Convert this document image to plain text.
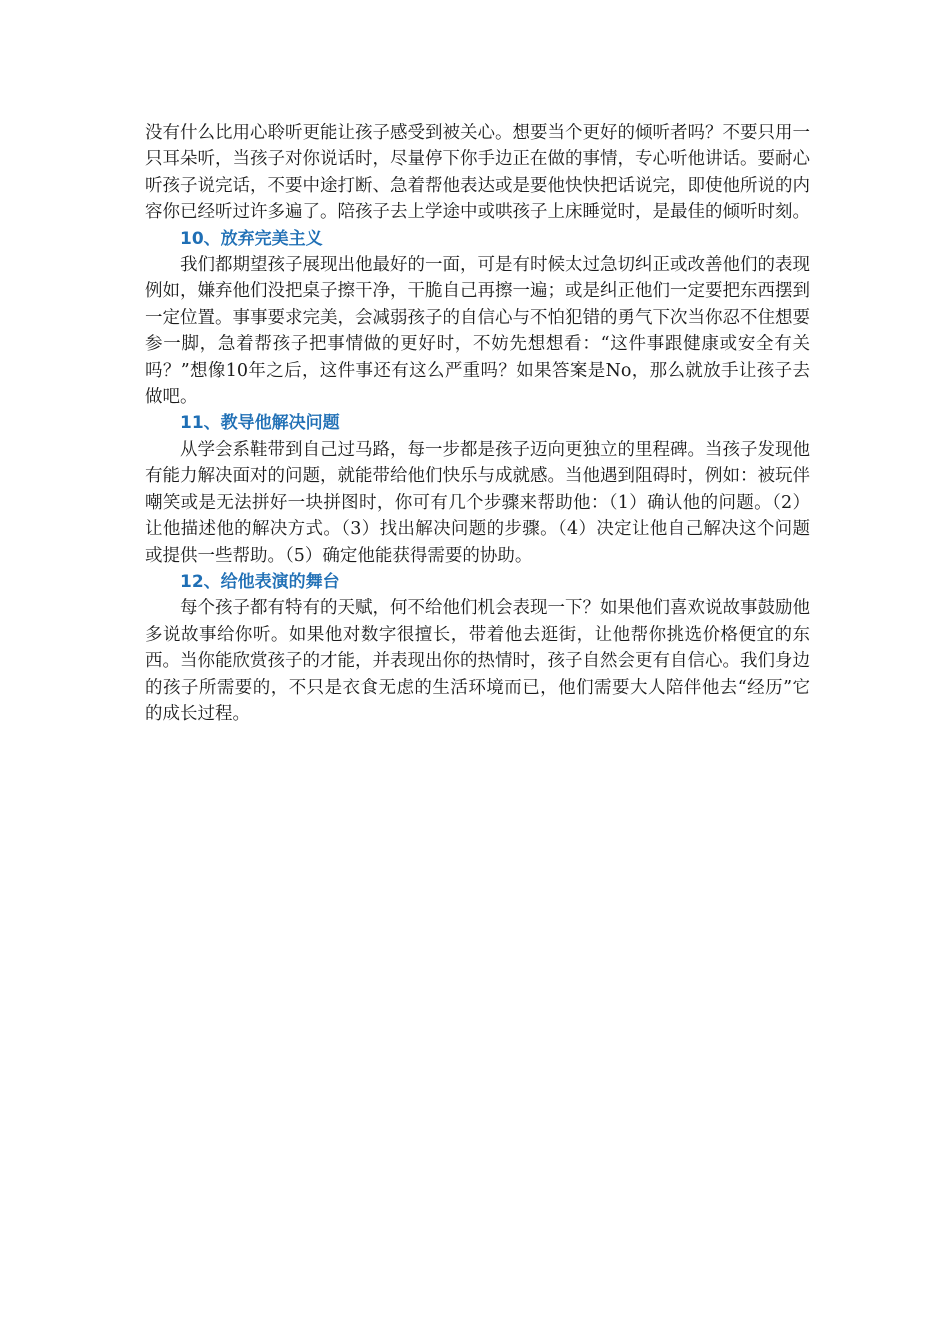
没有什么比用心聆听更能让孩子感受到被关心。想要当个更好的倾听者吗？不要只用一只耳朵听，当孩子对你说话时，尽量停下你手边正在做的事情，专心听他讲话。要耐心听孩子说完话，不要中途打断、急着帮他表达或是要他快快把话说完，即使他所说的内容你已经听过许多遍了。陪孩子去上学途中或哄孩子上床睡觉时，是最佳的倾听时刻。

10、放弃完美主义

我们都期望孩子展现出他最好的一面，可是有时候太过急切纠正或改善他们的表现例如，嫌弃他们没把桌子擦干净，干脆自己再擦一遍；或是纠正他们一定要把东西摆到一定位置。事事要求完美，会减弱孩子的自信心与不怕犯错的勇气下次当你忍不住想要参一脚，急着帮孩子把事情做的更好时，不妨先想想看：“这件事跟健康或安全有关吗？”想像10年之后，这件事还有这么严重吗？如果答案是No，那么就放手让孩子去做吧。

11、教导他解决问题

从学会系鞋带到自己过马路，每一步都是孩子迈向更独立的里程碑。当孩子发现他有能力解决面对的问题，就能带给他们快乐与成就感。当他遇到阻碍时，例如：被玩伴嘲笑或是无法拼好一块拼图时，你可有几个步骤来帮助他：（1）确认他的问题。（2）让他描述他的解决方式。（3）找出解决问题的步骤。（4）决定让他自己解决这个问题或提供一些帮助。（5）确定他能获得需要的协助。

12、给他表演的舞台

每个孩子都有特有的天赋，何不给他们机会表现一下？如果他们喜欢说故事鼓励他多说故事给你听。如果他对数字很擅长，带着他去逛街，让他帮你挑选价格便宜的东西。当你能欣赏孩子的才能，并表现出你的热情时，孩子自然会更有自信心。我们身边的孩子所需要的，不只是衣食无虑的生活环境而已，他们需要大人陪伴他去“经历”它的成长过程。
